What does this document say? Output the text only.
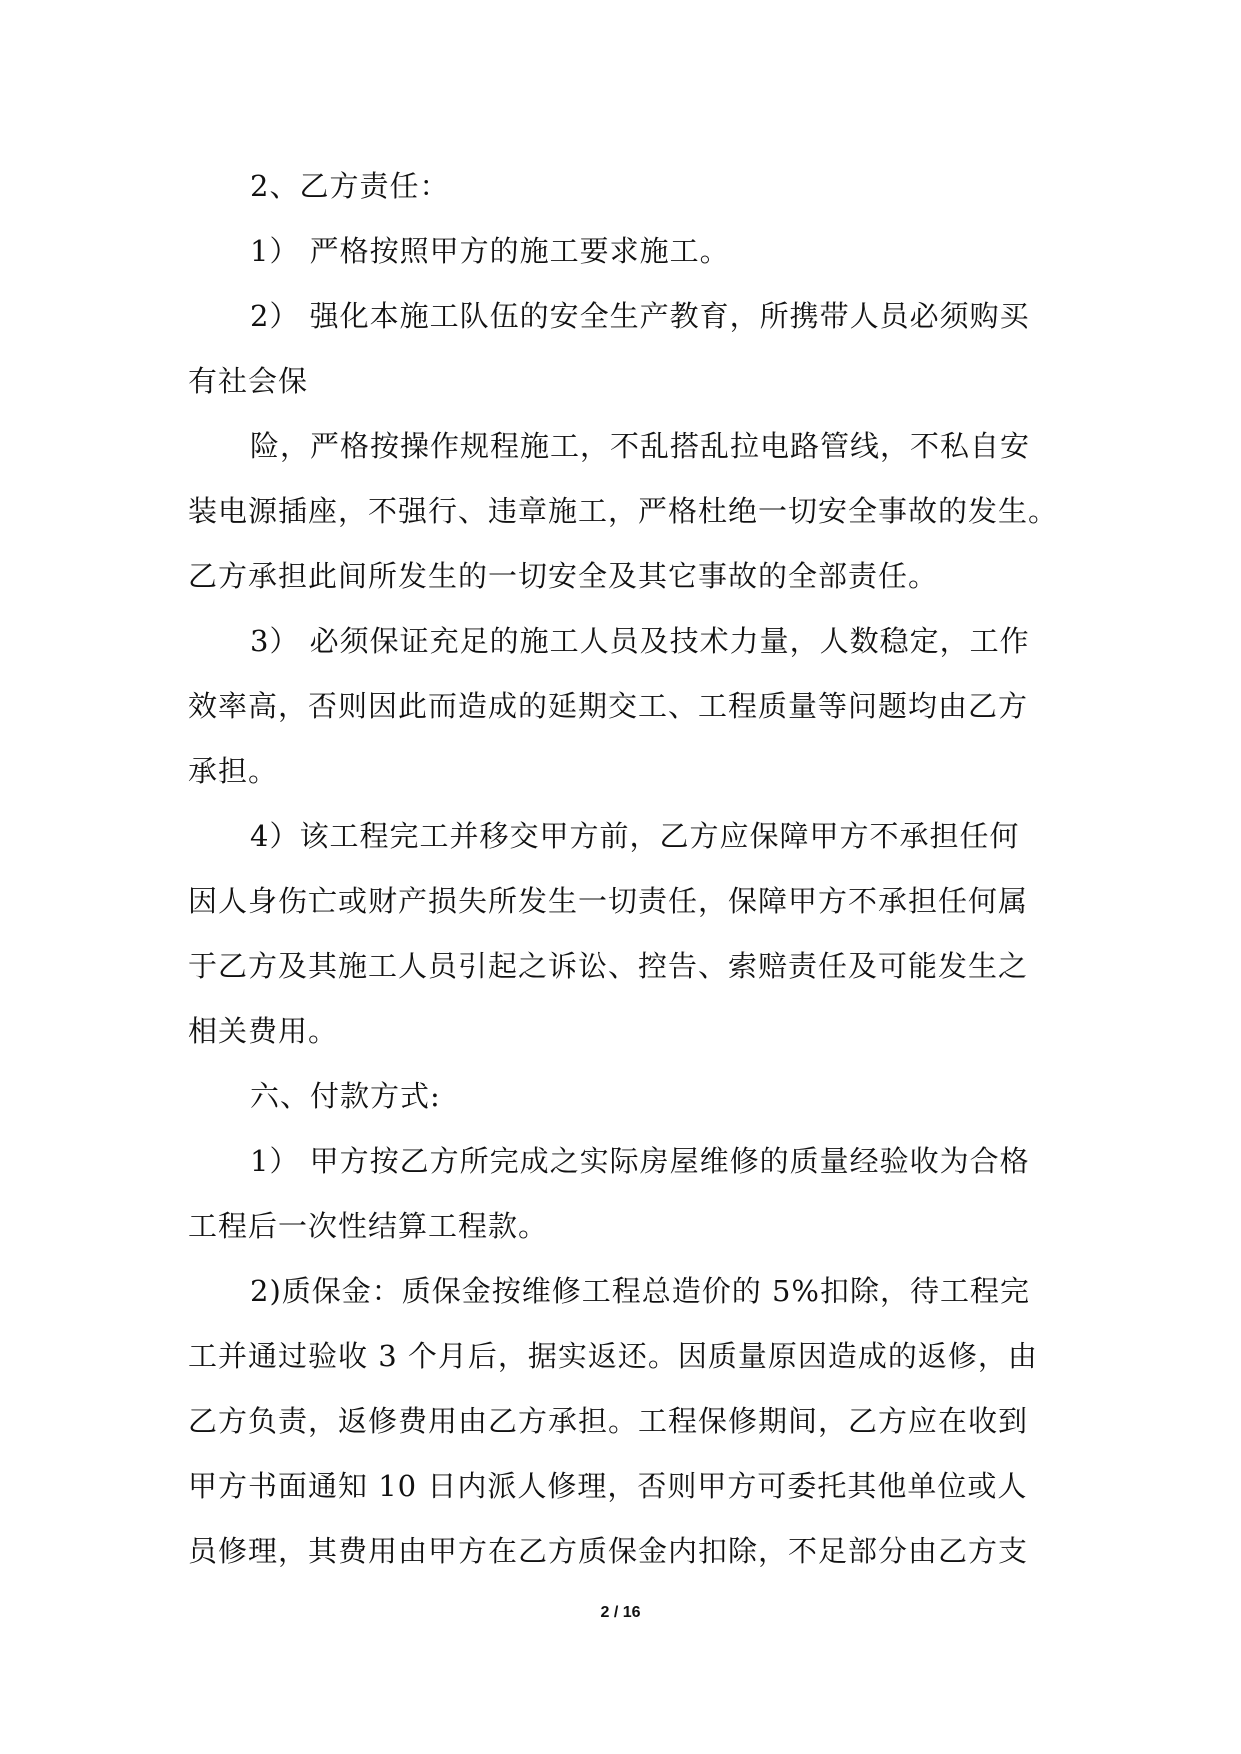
2、乙方责任：

1） 严格按照甲方的施工要求施工。

2） 强化本施工队伍的安全生产教育，所携带人员必须购买

有社会保

险，严格按操作规程施工，不乱搭乱拉电路管线，不私自安

装电源插座，不强行、违章施工，严格杜绝一切安全事故的发生。

乙方承担此间所发生的一切安全及其它事故的全部责任。

3） 必须保证充足的施工人员及技术力量，人数稳定，工作

效率高，否则因此而造成的延期交工、工程质量等问题均由乙方

承担。

4）该工程完工并移交甲方前，乙方应保障甲方不承担任何

因人身伤亡或财产损失所发生一切责任，保障甲方不承担任何属

于乙方及其施工人员引起之诉讼、控告、索赔责任及可能发生之

相关费用。

六、付款方式:

1） 甲方按乙方所完成之实际房屋维修的质量经验收为合格

工程后一次性结算工程款。

2)质保金：质保金按维修工程总造价的 5%扣除，待工程完

工并通过验收 3 个月后，据实返还。因质量原因造成的返修，由

乙方负责，返修费用由乙方承担。工程保修期间，乙方应在收到

甲方书面通知 10 日内派人修理，否则甲方可委托其他单位或人

员修理，其费用由甲方在乙方质保金内扣除，不足部分由乙方支

2 / 16
